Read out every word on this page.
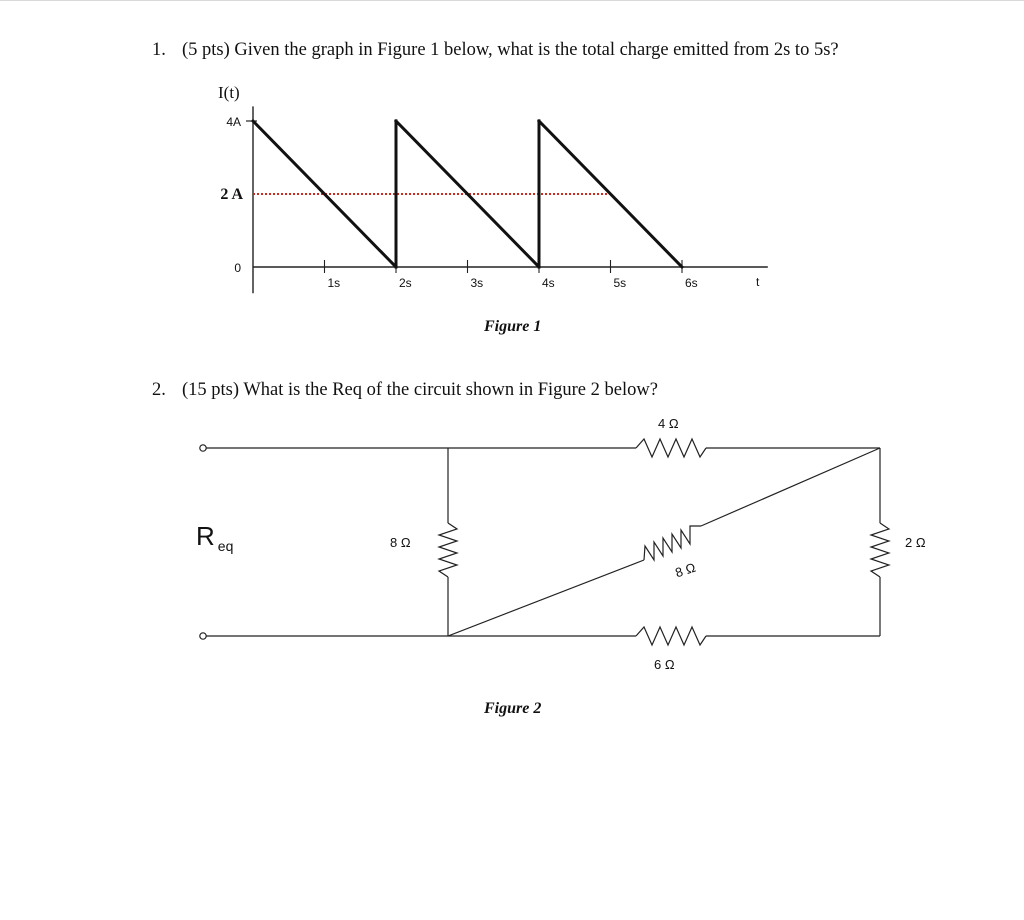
1. (5 pts) Given the graph in Figure 1 below, what is the total charge emitted from 2s to 5s?
I(t)
t
0
2 A
4A
1s	2s	3s	4s	5s	6s
Figure 1
2. (15 pts) What is the Req of the circuit shown in Figure 2 below?
4 Ω
6 Ω
8 Ω	2 Ω
8 Ω
R $_{eq}$
Figure 2
